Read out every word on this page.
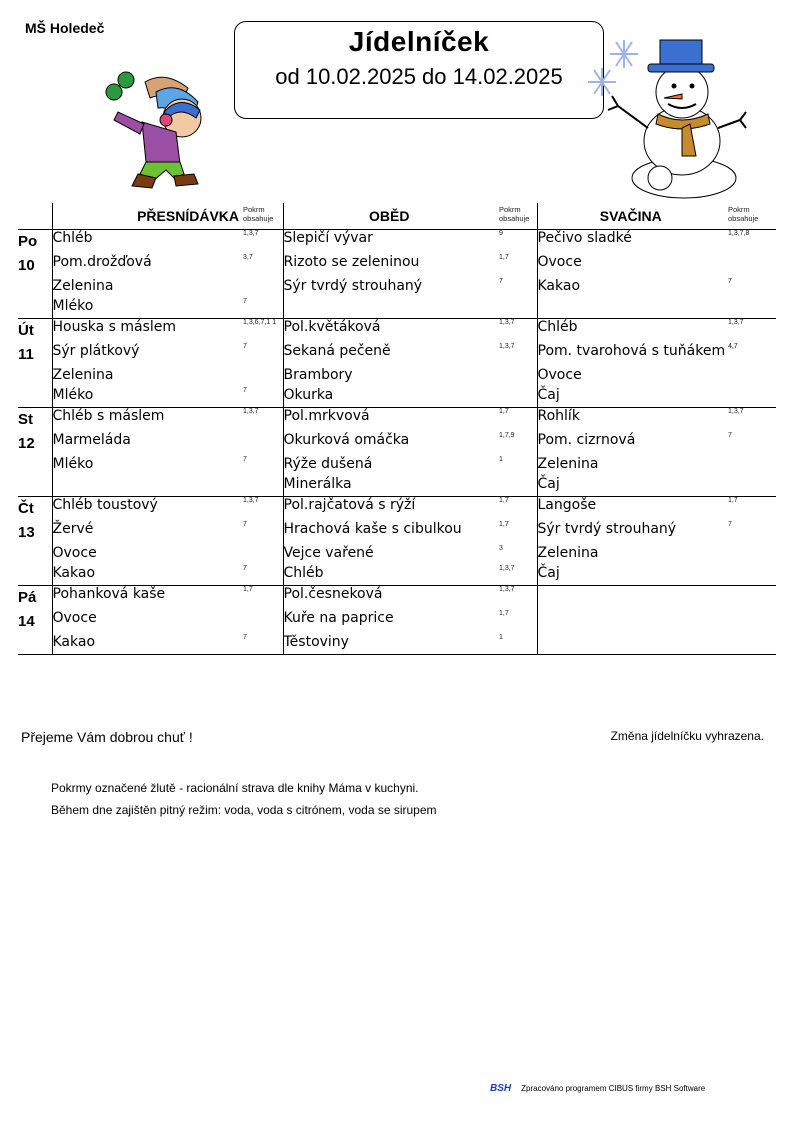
MŠ Holedeč	Jídelníček
od 10.02.2025 do 14.02.2025
	PŘESNÍDÁVKA	Pokrm obsahuje	OBĚD	Pokrm obsahuje	SVAČINA	Pokrm obsahuje
Po	Chléb	1,3,7	Slepičí vývar	9	Pečivo sladké	1,3,7,8
10	Pom.drožďová	3,7	Rizoto se zeleninou	1,7	Ovoce	
	Zelenina		Sýr tvrdý strouhaný	7	Kakao	7
	Mléko	7				
Út	Houska s máslem	1,3,6,7,1 1	Pol.květáková	1,3,7	Chléb	1,3,7
11	Sýr plátkový	7	Sekaná pečeně	1,3,7	Pom. tvarohová s tuňákem	4,7
	Zelenina		Brambory		Ovoce	
	Mléko	7	Okurka		Čaj	
St	Chléb s máslem	1,3,7	Pol.mrkvová	1,7	Rohlík	1,3,7
12	Marmeláda		Okurková omáčka	1,7,9	Pom. cizrnová	7
	Mléko	7	Rýže dušená	1	Zelenina	
			Minerálka		Čaj	
Čt	Chléb toustový	1,3,7	Pol.rajčatová s rýží	1,7	Langoše	1,7
13	Žervé	7	Hrachová kaše s cibulkou	1,7	Sýr tvrdý strouhaný	7
	Ovoce		Vejce vařené	3	Zelenina	
	Kakao	7	Chléb	1,3,7	Čaj	
Pá	Pohanková kaše	1,7	Pol.česneková	1,3,7		
14	Ovoce		Kuře na paprice	1,7		
	Kakao	7	Těstoviny	1		
Přejeme Vám dobrou chuť !	Změna jídelníčku vyhrazena.
Pokrmy označené žlutě - racionální strava dle knihy Máma v kuchyni.
Během dne zajištěn pitný režim: voda, voda s citrónem, voda se sirupem
BSH Zpracováno programem CIBUS firmy BSH Software
